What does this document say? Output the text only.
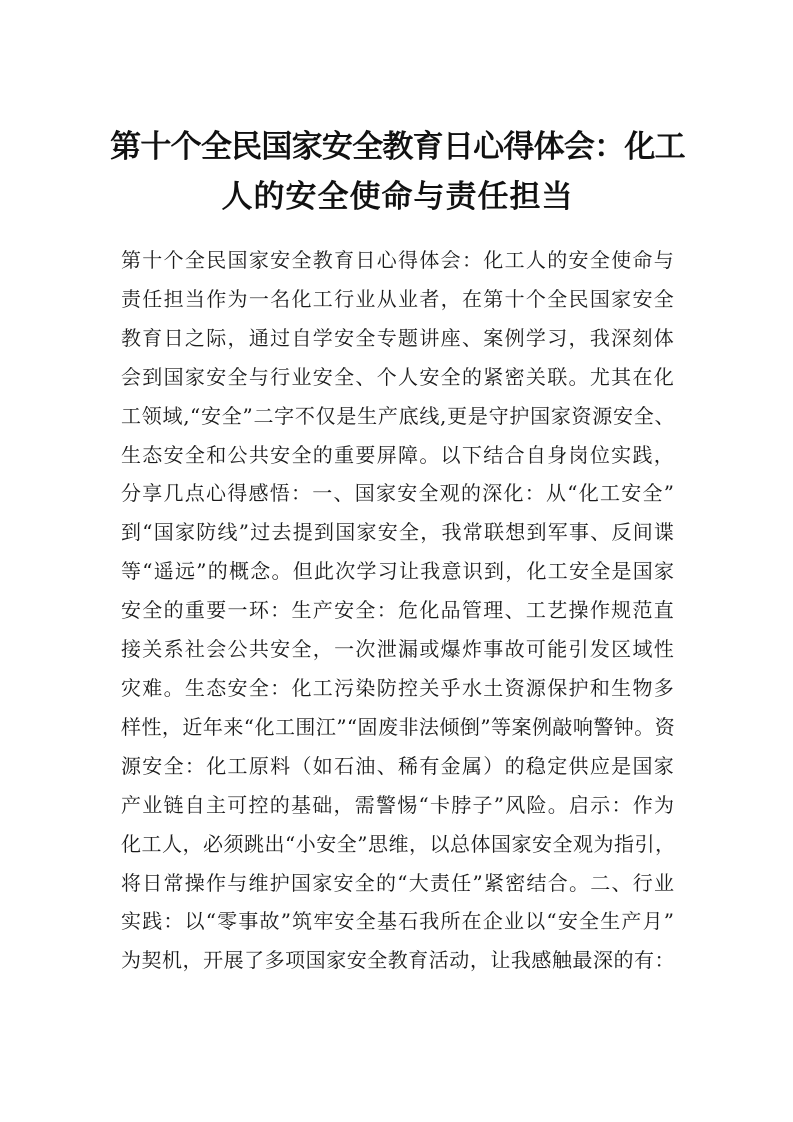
第十个全民国家安全教育日心得体会：化工
人的安全使命与责任担当
第十个全民国家安全教育日心得体会：化工人的安全使命与
责任担当作为一名化工行业从业者，在第十个全民国家安全
教育日之际，通过自学安全专题讲座、案例学习，我深刻体
会到国家安全与行业安全、个人安全的紧密关联。尤其在化
工领域,“安全”二字不仅是生产底线,更是守护国家资源安全、
生态安全和公共安全的重要屏障。以下结合自身岗位实践，
分享几点心得感悟：一、国家安全观的深化：从“化工安全”
到“国家防线”过去提到国家安全，我常联想到军事、反间谍
等“遥远”的概念。但此次学习让我意识到，化工安全是国家
安全的重要一环：生产安全：危化品管理、工艺操作规范直
接关系社会公共安全，一次泄漏或爆炸事故可能引发区域性
灾难。生态安全：化工污染防控关乎水土资源保护和生物多
样性，近年来“化工围江”“固废非法倾倒”等案例敲响警钟。资
源安全：化工原料（如石油、稀有金属）的稳定供应是国家
产业链自主可控的基础，需警惕“卡脖子”风险。启示：作为
化工人，必须跳出“小安全”思维，以总体国家安全观为指引，
将日常操作与维护国家安全的“大责任”紧密结合。二、行业
实践：以“零事故”筑牢安全基石我所在企业以“安全生产月”
为契机，开展了多项国家安全教育活动，让我感触最深的有：
